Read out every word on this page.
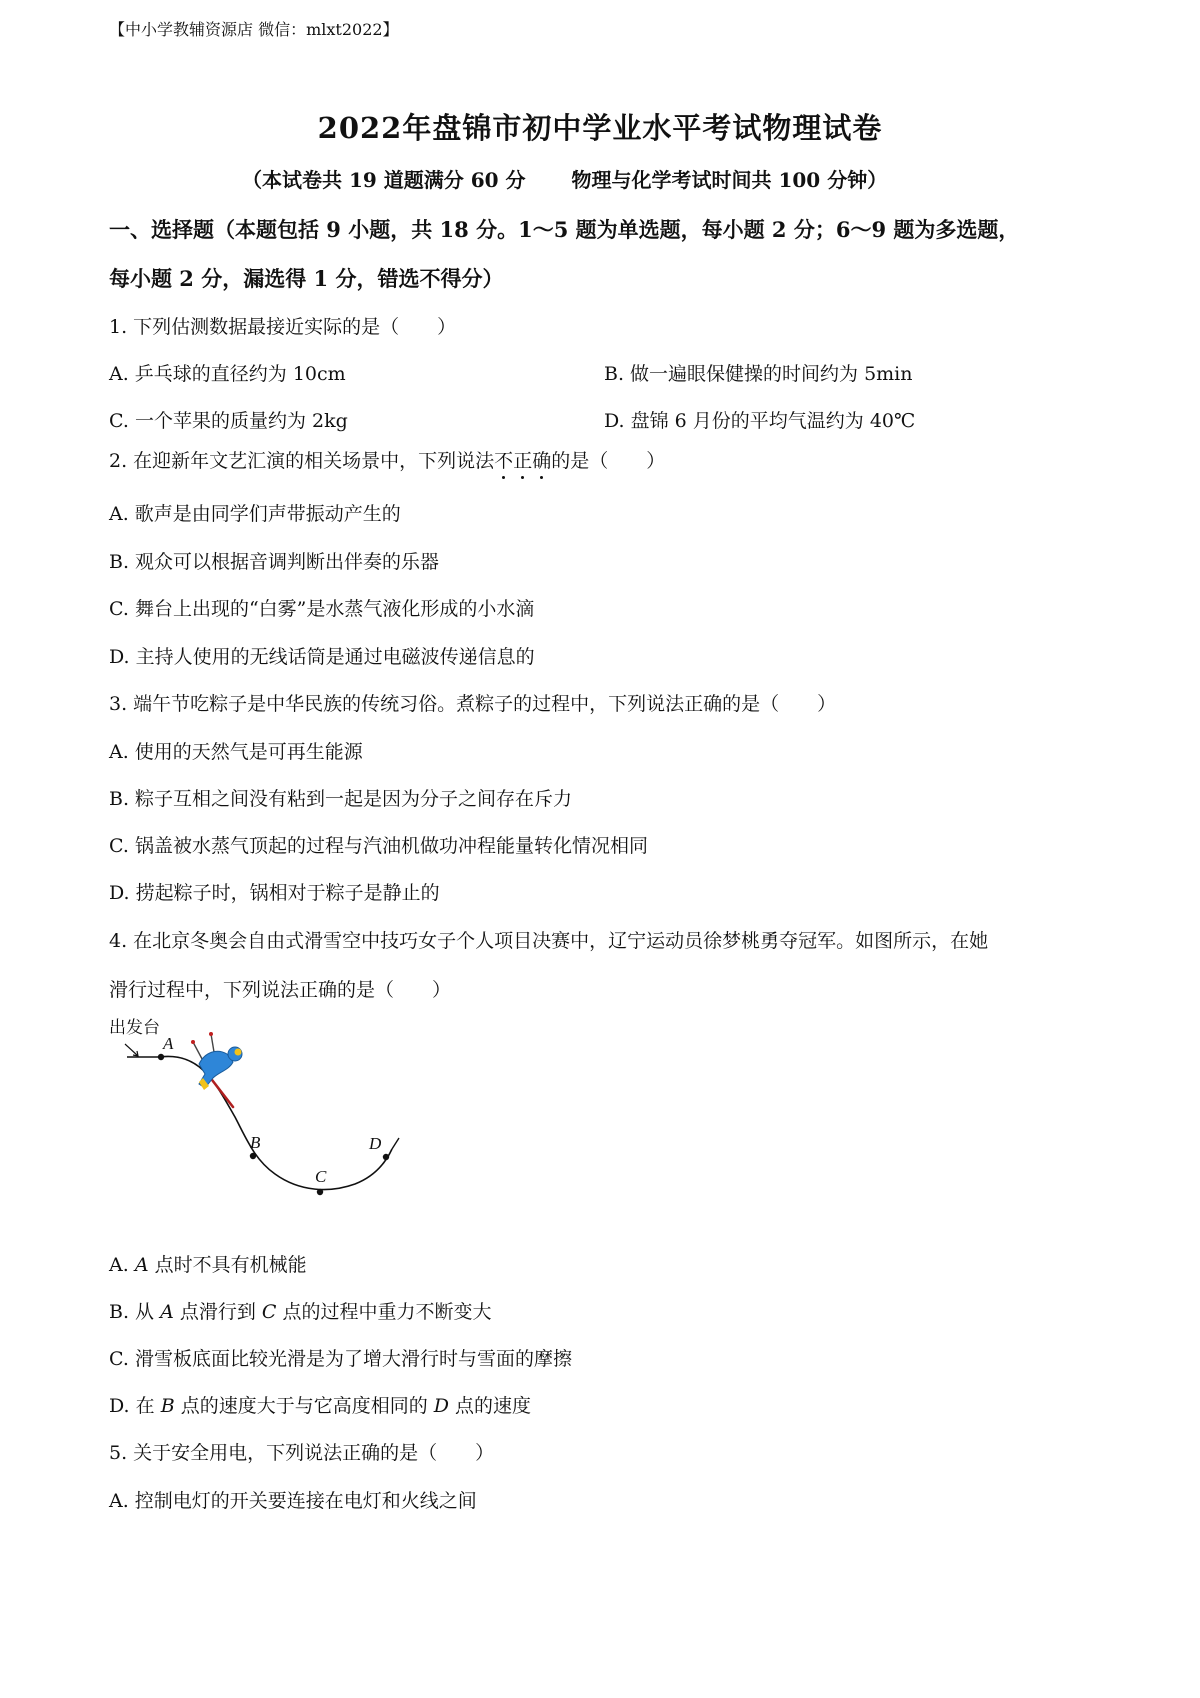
【中小学教辅资源店 微信：mlxt2022】
2022年盘锦市初中学业水平考试物理试卷
（本试卷共 19 道题满分 60 分 物理与化学考试时间共 100 分钟）
一、选择题（本题包括 9 小题，共 18 分。1～5 题为单选题，每小题 2 分；6～9 题为多选题，
每小题 2 分，漏选得 1 分，错选不得分）
1. 下列估测数据最接近实际的是（　　）
A. 乒乓球的直径约为 10cm	B. 做一遍眼保健操的时间约为 5min
C. 一个苹果的质量约为 2kg	D. 盘锦 6 月份的平均气温约为 40℃
2. 在迎新年文艺汇演的相关场景中，下列说法不正确的是（　　）
A. 歌声是由同学们声带振动产生的
B. 观众可以根据音调判断出伴奏的乐器
C. 舞台上出现的“白雾”是水蒸气液化形成的小水滴
D. 主持人使用的无线话筒是通过电磁波传递信息的
3. 端午节吃粽子是中华民族的传统习俗。煮粽子的过程中，下列说法正确的是（　　）
A. 使用的天然气是可再生能源
B. 粽子互相之间没有粘到一起是因为分子之间存在斥力
C. 锅盖被水蒸气顶起的过程与汽油机做功冲程能量转化情况相同
D. 捞起粽子时，锅相对于粽子是静止的
4. 在北京冬奥会自由式滑雪空中技巧女子个人项目决赛中，辽宁运动员徐梦桃勇夺冠军。如图所示，在她
滑行过程中，下列说法正确的是（　　）
出发台
A
B
C
D
A. A 点时不具有机械能
B. 从 A 点滑行到 C 点的过程中重力不断变大
C. 滑雪板底面比较光滑是为了增大滑行时与雪面的摩擦
D. 在 B 点的速度大于与它高度相同的 D 点的速度
5. 关于安全用电，下列说法正确的是（　　）
A. 控制电灯的开关要连接在电灯和火线之间
